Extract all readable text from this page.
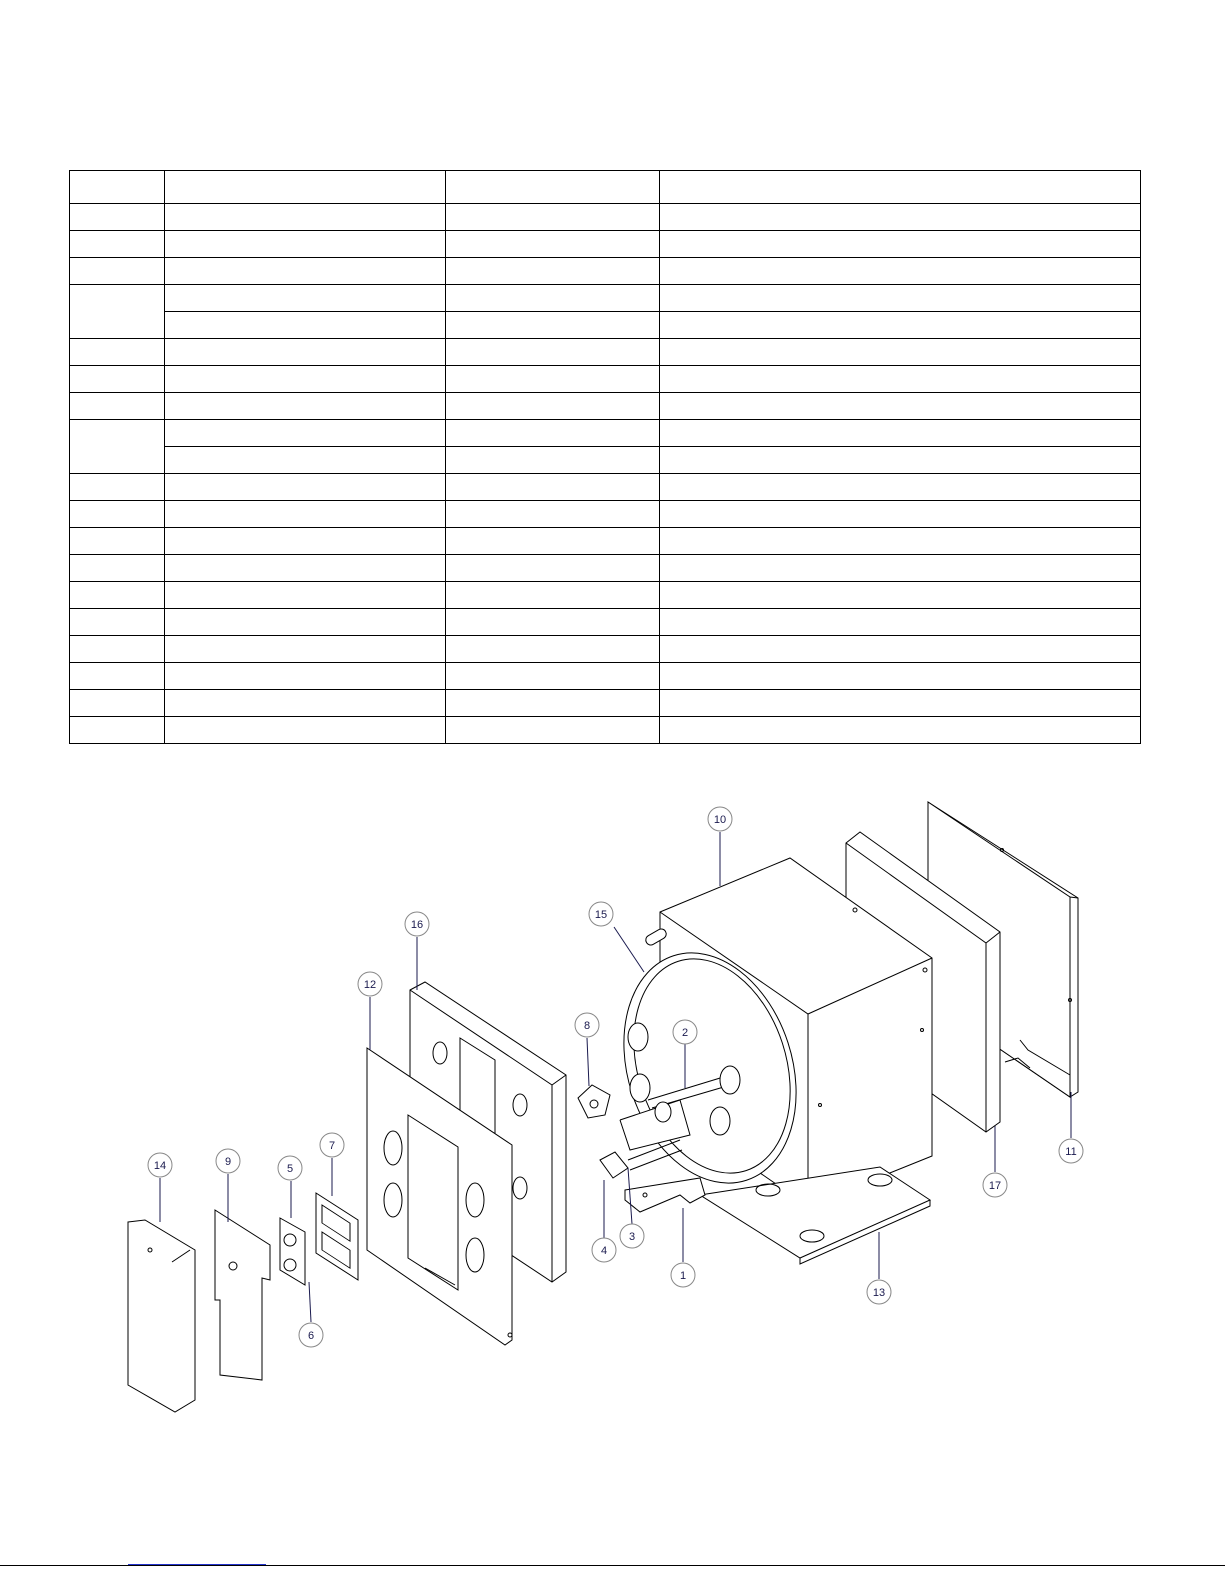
1
2
3
4
5
6
7
8
9
10
11
12
13
14
15
16
17
